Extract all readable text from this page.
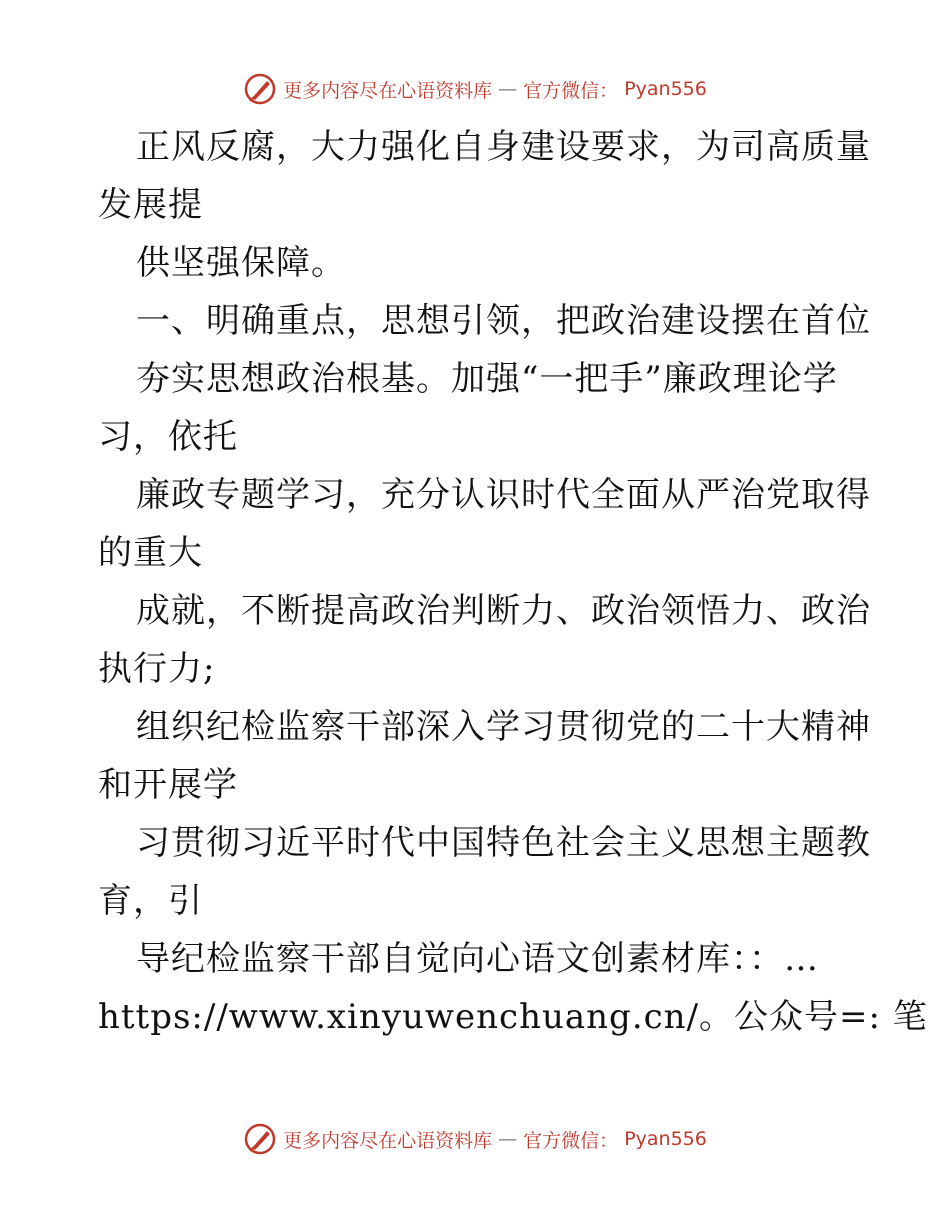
更多内容尽在心语资料库 — 官方微信： Pyan556
正风反腐，大力强化自身建设要求，为司高质量
发展提
供坚强保障。
一、明确重点，思想引领，把政治建设摆在首位
夯实思想政治根基。加强“一把手”廉政理论学
习，依托
廉政专题学习，充分认识时代全面从严治党取得
的重大
成就，不断提高政治判断力、政治领悟力、政治
执行力;
组织纪检监察干部深入学习贯彻党的二十大精神
和开展学
习贯彻习近平时代中国特色社会主义思想主题教
育，引
导纪检监察干部自觉向心语文创素材库：：…
https://www.xinyuwenchuang.cn/。公众号=: 笔
更多内容尽在心语资料库 — 官方微信： Pyan556
